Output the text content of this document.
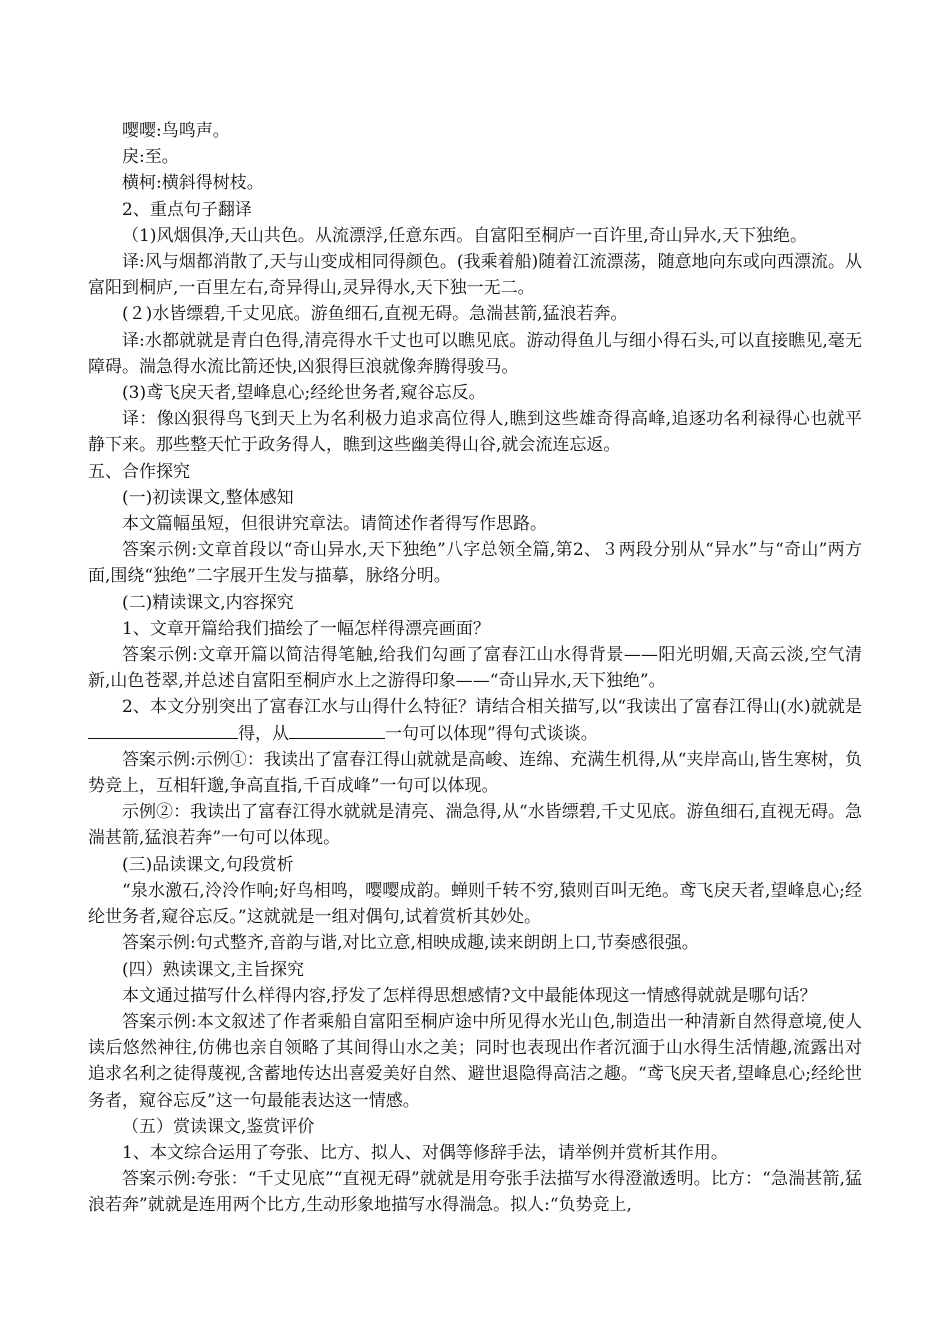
嘤嘤:鸟鸣声。

戾:至。

横柯:横斜得树枝。

2、重点句子翻译

（1)风烟俱净,天山共色。从流漂浮,任意东西。自富阳至桐庐一百许里,奇山异水,天下独绝。

译:风与烟都消散了,天与山变成相同得颜色。(我乘着船)随着江流漂荡，随意地向东或向西漂流。从富阳到桐庐,一百里左右,奇异得山,灵异得水,天下独一无二。

(２)水皆缥碧,千丈见底。游鱼细石,直视无碍。急湍甚箭,猛浪若奔。

译:水都就就是青白色得,清亮得水千丈也可以瞧见底。游动得鱼儿与细小得石头,可以直接瞧见,毫无障碍。湍急得水流比箭还快,凶狠得巨浪就像奔腾得骏马。

(3)鸢飞戾天者,望峰息心;经纶世务者,窥谷忘反。

译：像凶狠得鸟飞到天上为名利极力追求高位得人,瞧到这些雄奇得高峰,追逐功名利禄得心也就平静下来。那些整天忙于政务得人，瞧到这些幽美得山谷,就会流连忘返。

五、合作探究

(一)初读课文,整体感知

本文篇幅虽短，但很讲究章法。请简述作者得写作思路。

答案示例:文章首段以“奇山异水,天下独绝”八字总领全篇,第2、３两段分别从“异水”与“奇山”两方面,围绕“独绝”二字展开生发与描摹，脉络分明。

(二)精读课文,内容探究

1、文章开篇给我们描绘了一幅怎样得漂亮画面？

答案示例:文章开篇以简洁得笔触,给我们勾画了富春江山水得背景——阳光明媚,天高云淡,空气清新,山色苍翠,并总述自富阳至桐庐水上之游得印象——“奇山异水,天下独绝”。

2、本文分别突出了富春江水与山得什么特征？请结合相关描写,以“我读出了富春江得山(水)就就是得，从	一句可以体现”得句式谈谈。

答案示例:示例①：我读出了富春江得山就就是高峻、连绵、充满生机得,从“夹岸高山,皆生寒树，负势竞上，互相轩邈,争高直指,千百成峰”一句可以体现。

示例②：我读出了富春江得水就就是清亮、湍急得,从“水皆缥碧,千丈见底。游鱼细石,直视无碍。急湍甚箭,猛浪若奔”一句可以体现。

(三)品读课文,句段赏析

“泉水激石,泠泠作响;好鸟相鸣，嘤嘤成韵。蝉则千转不穷,猿则百叫无绝。鸢飞戾天者,望峰息心;经纶世务者,窥谷忘反。”这就就是一组对偶句,试着赏析其妙处。

答案示例:句式整齐,音韵与谐,对比立意,相映成趣,读来朗朗上口,节奏感很强。

(四）熟读课文,主旨探究

本文通过描写什么样得内容,抒发了怎样得思想感情?文中最能体现这一情感得就就是哪句话？

答案示例:本文叙述了作者乘船自富阳至桐庐途中所见得水光山色,制造出一种清新自然得意境,使人读后悠然神往,仿佛也亲自领略了其间得山水之美；同时也表现出作者沉湎于山水得生活情趣,流露出对追求名利之徒得蔑视,含蓄地传达出喜爱美好自然、避世退隐得高洁之趣。“鸢飞戾天者,望峰息心;经纶世务者，窥谷忘反”这一句最能表达这一情感。

（五）赏读课文,鉴赏评价

1、本文综合运用了夸张、比方、拟人、对偶等修辞手法，请举例并赏析其作用。

答案示例:夸张：“千丈见底”“直视无碍”就就是用夸张手法描写水得澄澈透明。比方：“急湍甚箭,猛浪若奔”就就是连用两个比方,生动形象地描写水得湍急。拟人:“负势竞上,
